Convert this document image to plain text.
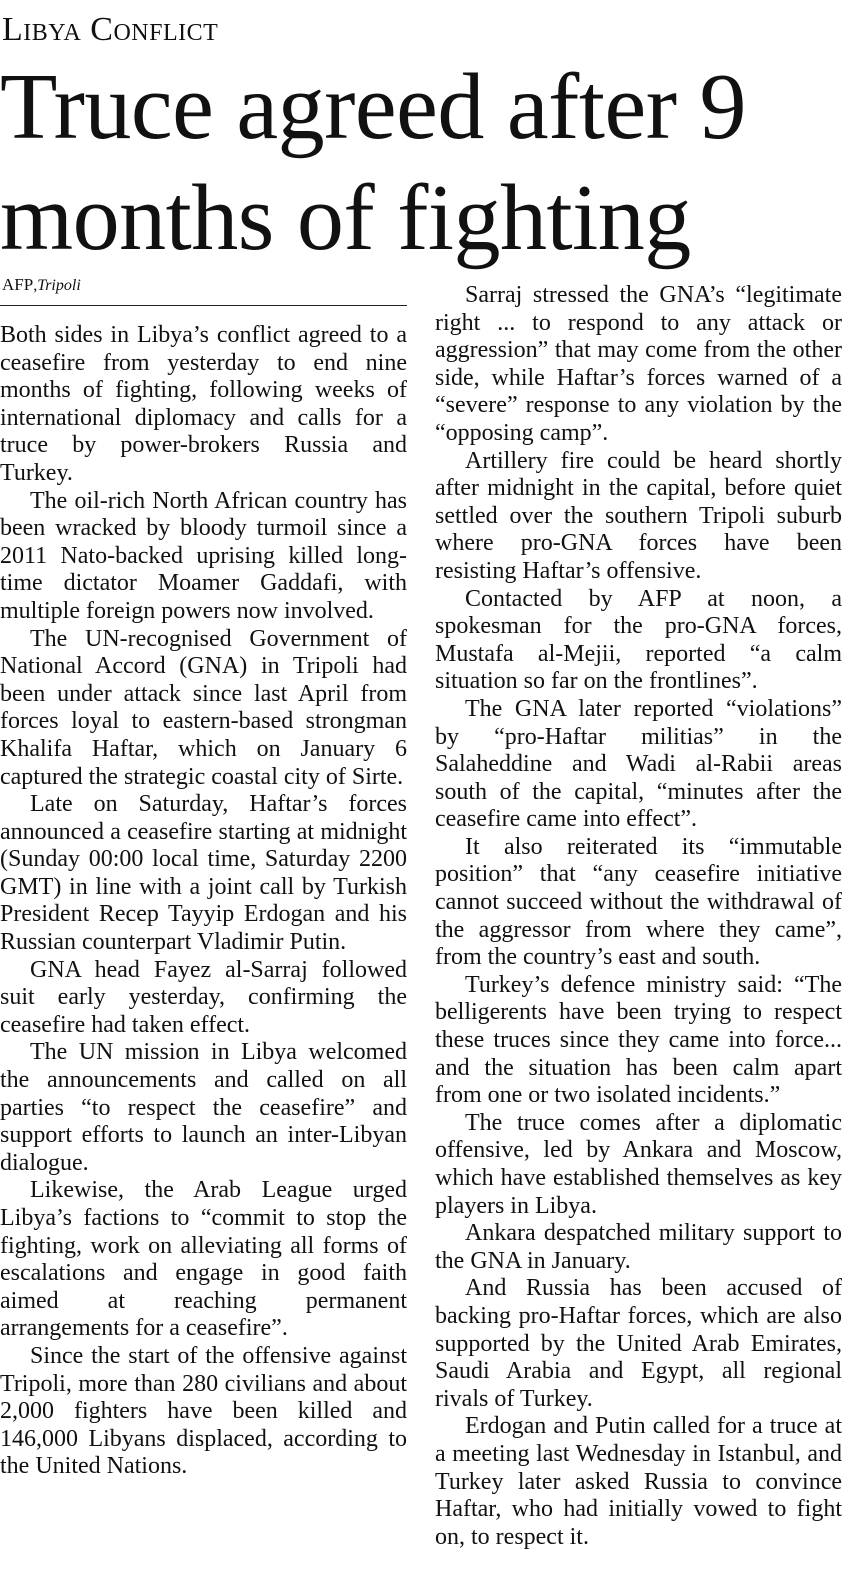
Libya Conflict
Truce agreed after 9
months of fighting
AFP,Tripoli

Both sides in Libya’s conflict agreed to a ceasefire from yesterday to end nine months of fighting, following weeks of international diplomacy and calls for a truce by power-brokers Russia and Turkey.

The oil-rich North African country has been wracked by bloody turmoil since a 2011 Nato-backed uprising killed long-time dictator Moamer Gaddafi, with multiple foreign powers now involved.

The UN-recognised Government of National Accord (GNA) in Tripoli had been under attack since last April from forces loyal to eastern-based strongman Khalifa Haftar, which on January 6 captured the strategic coastal city of Sirte.

Late on Saturday, Haftar’s forces announced a ceasefire starting at midnight (Sunday 00:00 local time, Saturday 2200 GMT) in line with a joint call by Turkish President Recep Tayyip Erdogan and his Russian counterpart Vladimir Putin.

GNA head Fayez al-Sarraj followed suit early yesterday, confirming the ceasefire had taken effect.

The UN mission in Libya welcomed the announcements and called on all parties “to respect the ceasefire” and support efforts to launch an inter-Libyan dialogue.

Likewise, the Arab League urged Libya’s factions to “commit to stop the fighting, work on alleviating all forms of escalations and engage in good faith aimed at reaching permanent arrangements for a ceasefire”.

Since the start of the offensive against Tripoli, more than 280 civilians and about 2,000 fighters have been killed and 146,000 Libyans displaced, according to the United Nations.

Sarraj stressed the GNA’s “legitimate right ... to respond to any attack or aggression” that may come from the other side, while Haftar’s forces warned of a “severe” response to any violation by the “opposing camp”.

Artillery fire could be heard shortly after midnight in the capital, before quiet settled over the southern Tripoli suburb where pro-GNA forces have been resisting Haftar’s offensive.

Contacted by AFP at noon, a spokesman for the pro-GNA forces, Mustafa al-Mejii, reported “a calm situation so far on the frontlines”.

The GNA later reported “violations” by “pro-Haftar militias” in the Salaheddine and Wadi al-Rabii areas south of the capital, “minutes after the ceasefire came into effect”.

It also reiterated its “immutable position” that “any ceasefire initiative cannot succeed without the withdrawal of the aggressor from where they came”, from the country’s east and south.

Turkey’s defence ministry said: “The belligerents have been trying to respect these truces since they came into force... and the situation has been calm apart from one or two isolated incidents.”

The truce comes after a diplomatic offensive, led by Ankara and Moscow, which have established themselves as key players in Libya.

Ankara despatched military support to the GNA in January.

And Russia has been accused of backing pro-Haftar forces, which are also supported by the United Arab Emirates, Saudi Arabia and Egypt, all regional rivals of Turkey.

Erdogan and Putin called for a truce at a meeting last Wednesday in Istanbul, and Turkey later asked Russia to convince Haftar, who had initially vowed to fight on, to respect it.
